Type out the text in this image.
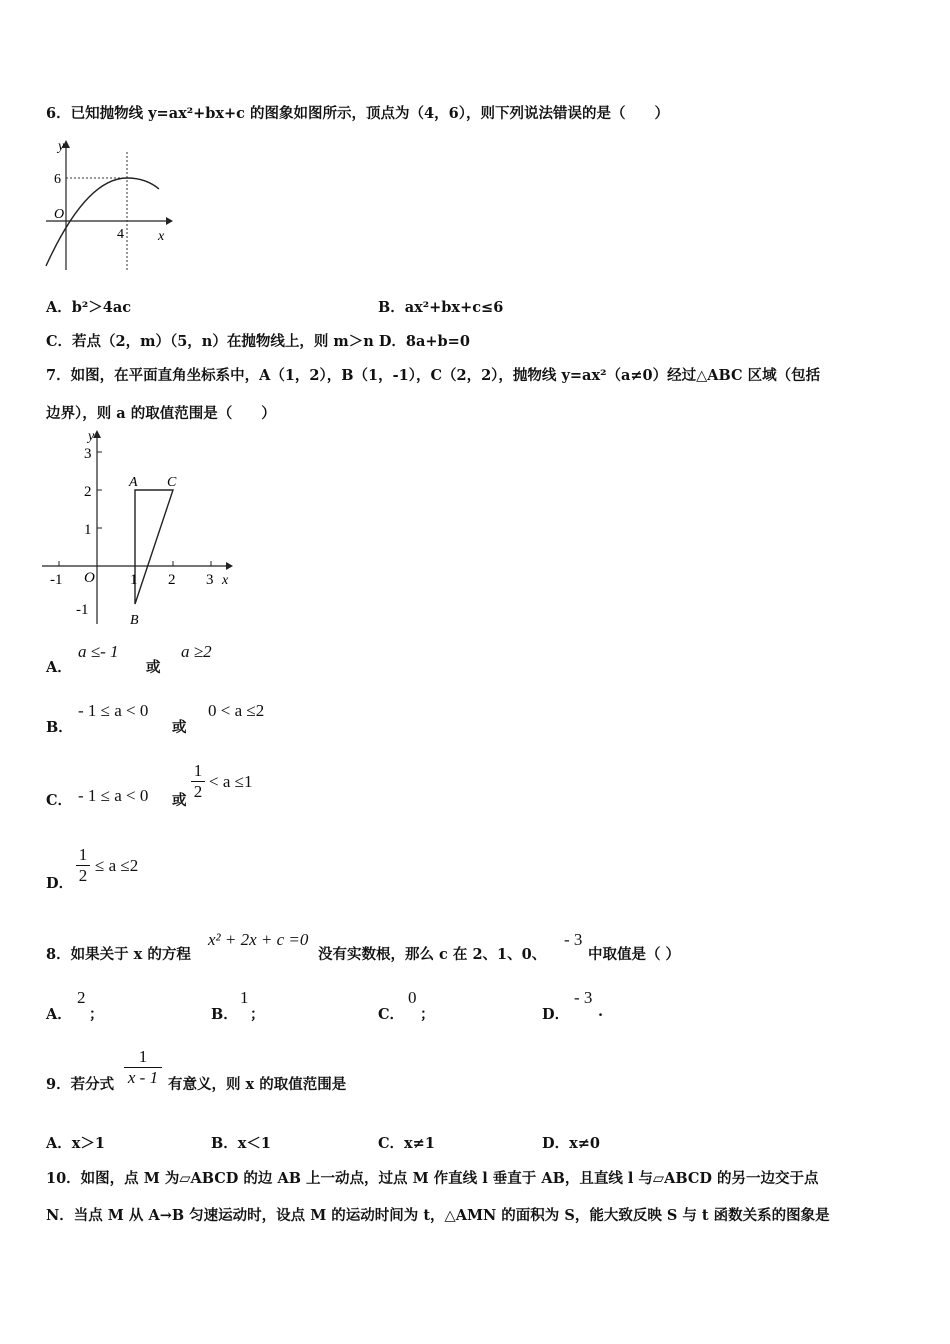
6．已知抛物线 y=ax²+bx+c 的图象如图所示，顶点为（4，6），则下列说法错误的是（　　）
y
x
O
6
4
A．b²＞4ac	B．ax²+bx+c≤6
C．若点（2，m）（5，n）在抛物线上，则 m＞n D．8a+b=0
7．如图，在平面直角坐标系中，A（1，2），B（1，-1），C（2，2），抛物线 y=ax²（a≠0）经过△ABC 区域（包括
边界），则 a 的取值范围是（　　）
y
x
O
-1	1 2 3
3
2
1
-1
A C
B
A．
a ≤- 1
或
a ≥2
B．
- 1 ≤ a < 0
或
0 < a ≤2
C． - 1 ≤ a < 0 或
1
2
< a ≤1
D．
1
2
≤ a ≤2
8．如果关于 x 的方程
x² + 2x + c =0
没有实数根，那么 c 在 2、1、0、
- 3
中取值是（ ）
A．
2
；	B．
1
；	C．
0
；	D．
- 3
.
9．若分式
1
x - 1 有意义，则 x 的取值范围是
A．x＞1	B．x＜1	C．x≠1	D．x≠0
10．如图，点 M 为▱ABCD 的边 AB 上一动点，过点 M 作直线 l 垂直于 AB，且直线 l 与▱ABCD 的另一边交于点
N．当点 M 从 A→B 匀速运动时，设点 M 的运动时间为 t，△AMN 的面积为 S，能大致反映 S 与 t 函数关系的图象是
